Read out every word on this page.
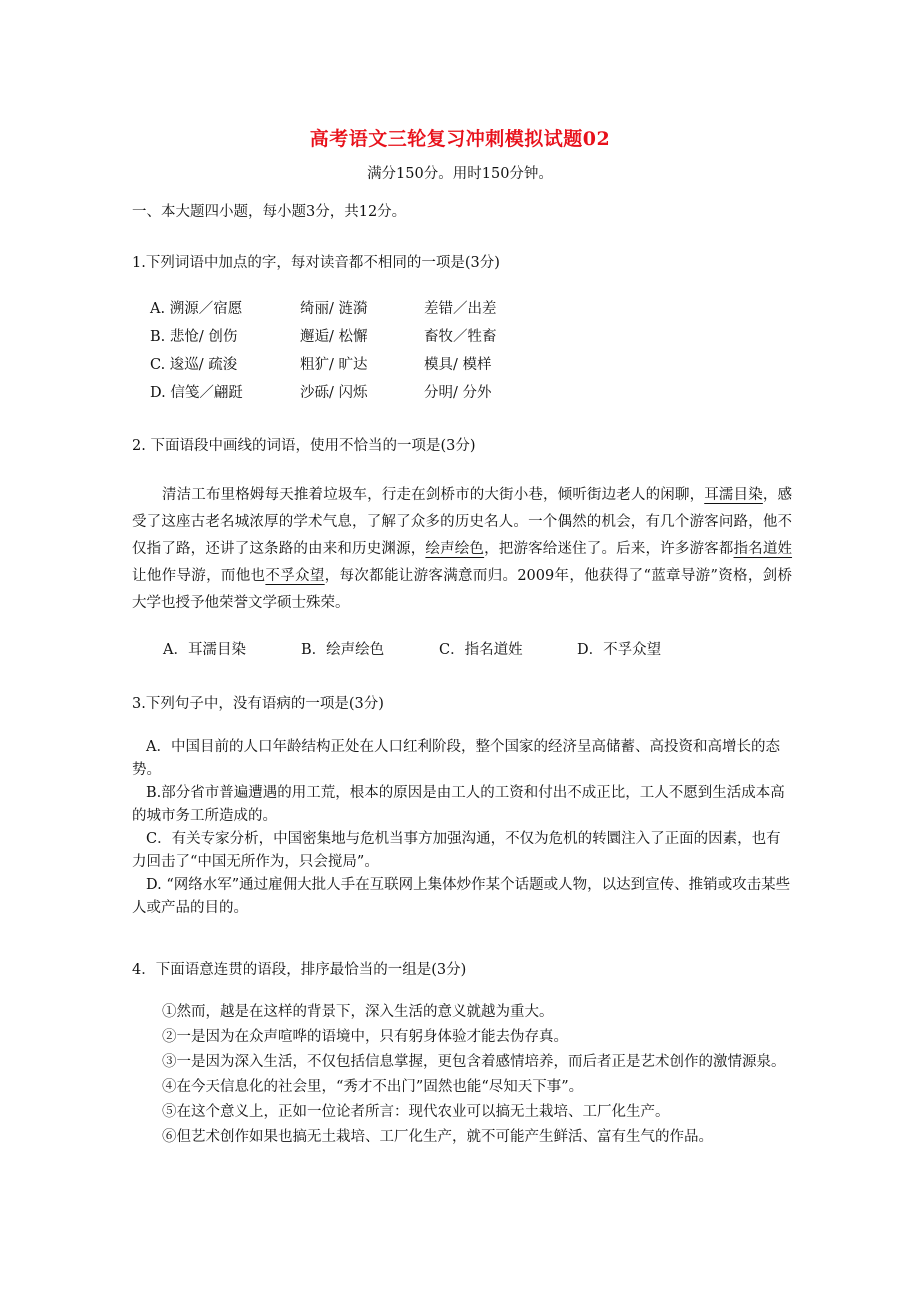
高考语文三轮复习冲刺模拟试题02
满分150分。用时150分钟。
一、本大题四小题，每小题3分，共12分。
1.下列词语中加点的字，每对读音都不相同的一项是(3分)
A. 溯源／宿愿	绮丽/ 涟漪	差错／出差
B. 悲怆/ 创伤	邂逅/ 松懈	畜牧／牲畜
C. 逡巡/ 疏浚	粗犷/ 旷达	模具/ 模样
D. 信笺／翩跹	沙砾/ 闪烁	分明/ 分外
2. 下面语段中画线的词语，使用不恰当的一项是(3分)
清洁工布里格姆每天推着垃圾车，行走在剑桥市的大街小巷，倾听街边老人的闲聊，耳濡目染，感受了这座古老名城浓厚的学术气息，了解了众多的历史名人。一个偶然的机会，有几个游客问路，他不仅指了路，还讲了这条路的由来和历史渊源，绘声绘色，把游客给迷住了。后来，许多游客都指名道姓让他作导游，而他也不孚众望，每次都能让游客满意而归。2009年，他获得了“蓝章导游”资格，剑桥大学也授予他荣誉文学硕士殊荣。
A．耳濡目染	B．绘声绘色	C．指名道姓	D．不孚众望
3.下列句子中，没有语病的一项是(3分)

A．中国目前的人口年龄结构正处在人口红利阶段，整个国家的经济呈高储蓄、高投资和高增长的态势。

B.部分省市普遍遭遇的用工荒，根本的原因是由工人的工资和付出不成正比，工人不愿到生活成本高的城市务工所造成的。

C．有关专家分析，中国密集地与危机当事方加强沟通，不仅为危机的转圜注入了正面的因素，也有力回击了“中国无所作为，只会搅局”。

D. “网络水军”通过雇佣大批人手在互联网上集体炒作某个话题或人物，以达到宣传、推销或攻击某些人或产品的目的。

4．下面语意连贯的语段，排序最恰当的一组是(3分)

①然而，越是在这样的背景下，深入生活的意义就越为重大。

②一是因为在众声喧哗的语境中，只有躬身体验才能去伪存真。

③一是因为深入生活，不仅包括信息掌握，更包含着感情培养，而后者正是艺术创作的激情源泉。

④在今天信息化的社会里，“秀才不出门”固然也能“尽知天下事”。

⑤在这个意义上，正如一位论者所言：现代农业可以搞无土栽培、工厂化生产。

⑥但艺术创作如果也搞无土栽培、工厂化生产，就不可能产生鲜活、富有生气的作品。
